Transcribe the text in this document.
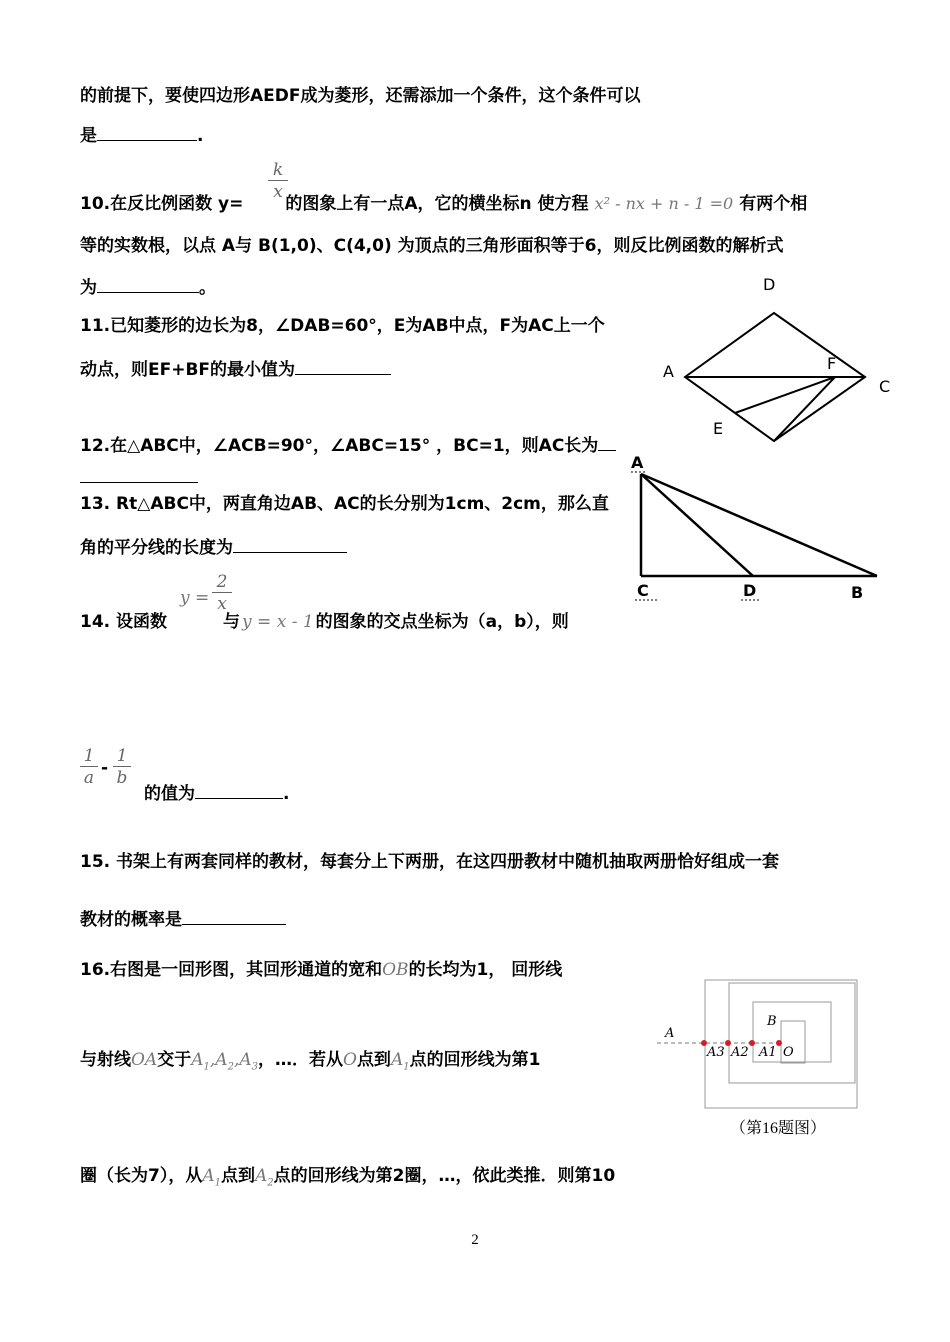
的前提下，要使四边形AEDF成为菱形，还需添加一个条件，这个条件可以
是	.
10.在反比例函数 y= 的图象上有一点A，它的横坐标n 使方程 x² - nx + n - 1 =0 有两个相
$\frac{k}{x}$
等的实数根，以点 A与 B(1,0)、C(4,0) 为顶点的三角形面积等于6，则反比例函数的解析式
为	。
11.已知菱形的边长为8，∠DAB=60°，E为AB中点，F为AC上一个
动点，则EF+BF的最小值为
D
A	F
C
E
12.在△ABC中，∠ACB=90°，∠ABC=15° ，BC=1，则AC长为
13. Rt△ABC中，两直角边AB、AC的长分别为1cm、2cm，那么直
角的平分线的长度为
A
C	D	B
14. 设函数	与 y = x - 1 的图象的交点坐标为（a，b），则
$y = \frac{2}{x}$
$\frac{1}{a} - \frac{1}{b}$
的值为	.
15. 书架上有两套同样的教材，每套分上下两册，在这四册教材中随机抽取两册恰好组成一套
教材的概率是
16.右图是一回形图，其回形通道的宽和OB的长均为1， 回形线
与射线OA交于$A_1,A_2,A_3$，…．若从O点到$A_1$点的回形线为第1
圈（长为7），从$A_1$点到$A_2$点的回形线为第2圈，…，依此类推．则第10
A
B
O
A3 A2 A1
（第16题图）
2
